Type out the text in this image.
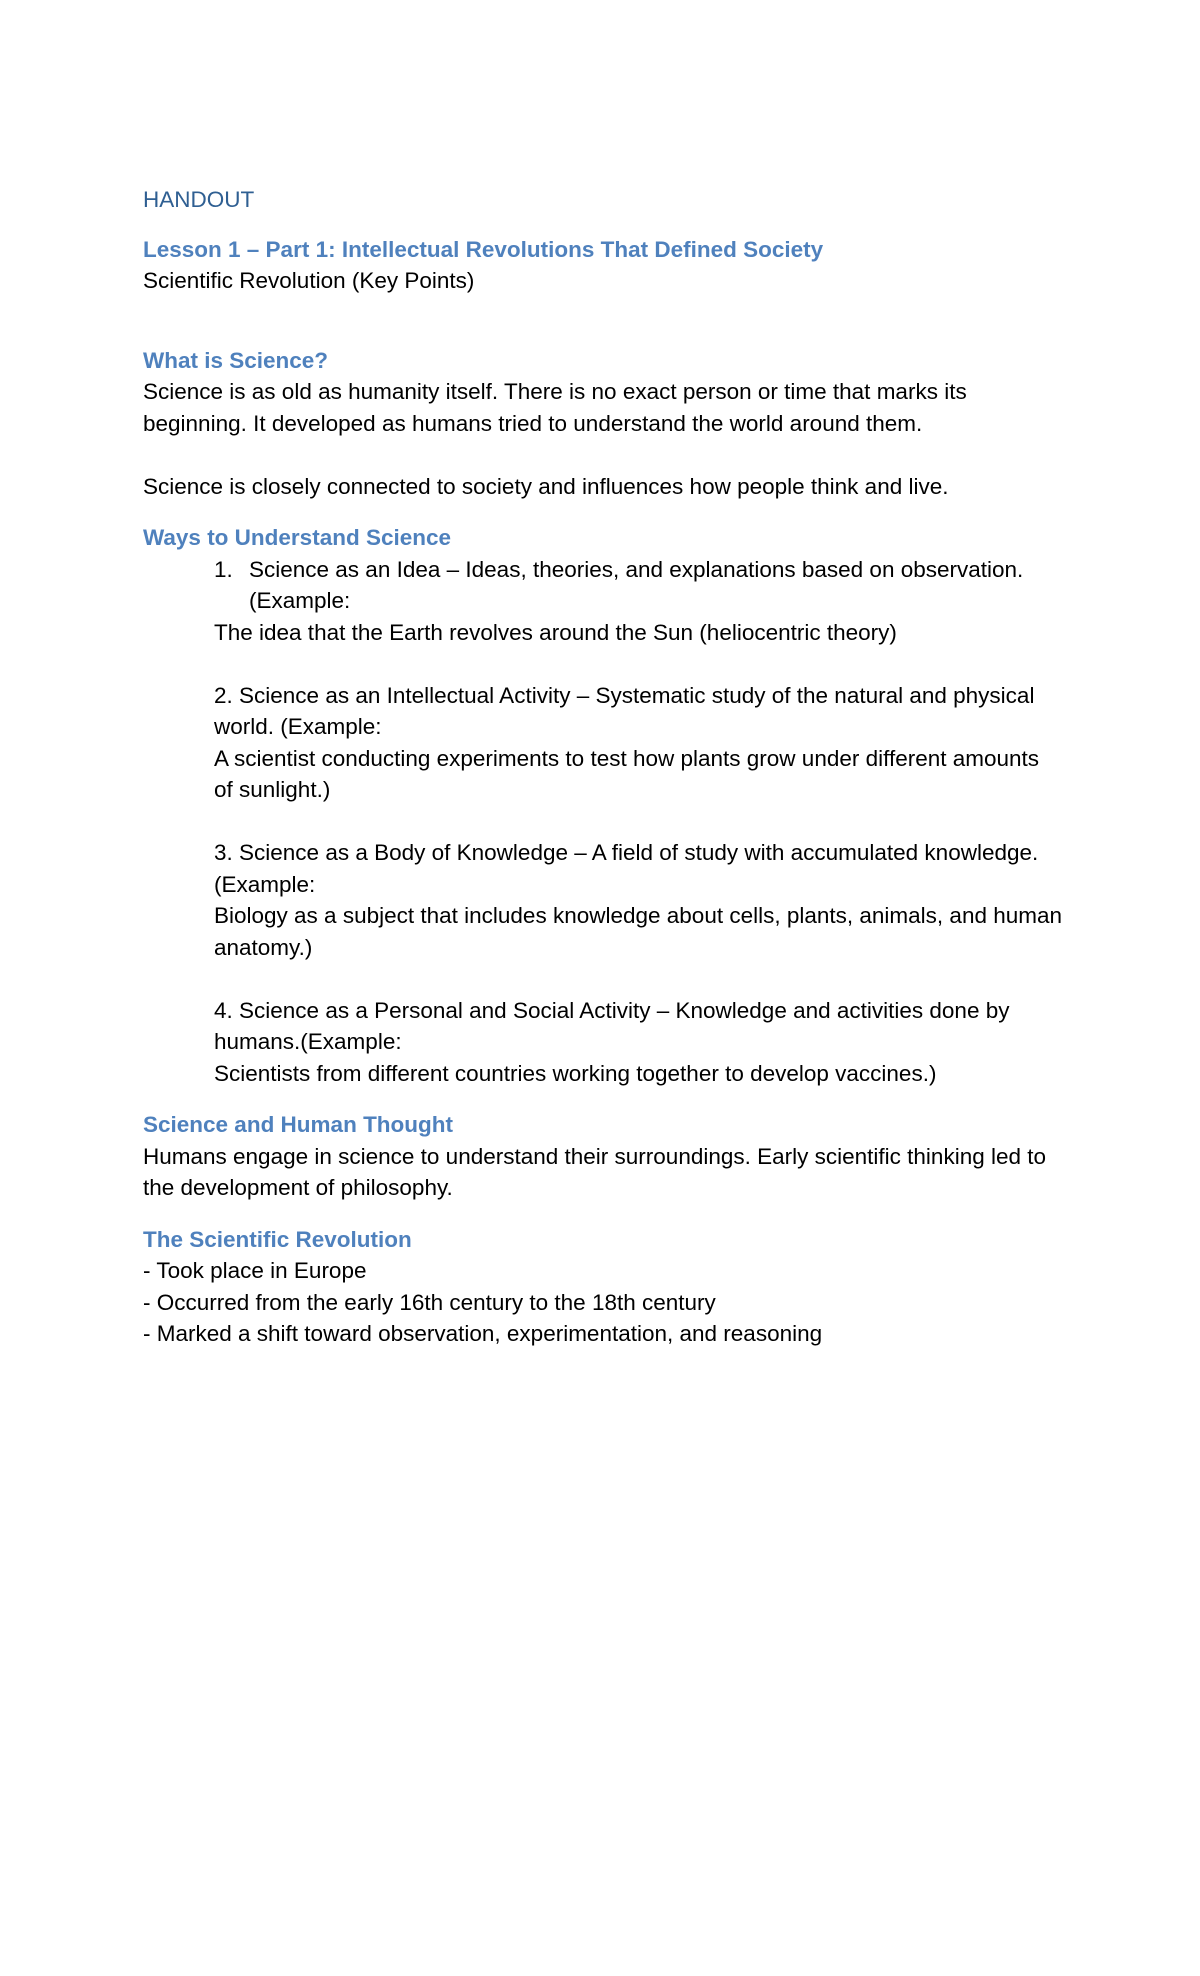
HANDOUT
Lesson 1 – Part 1: Intellectual Revolutions That Defined Society

Scientific Revolution (Key Points)

What is Science?

Science is as old as humanity itself. There is no exact person or time that marks its beginning. It developed as humans tried to understand the world around them.

Science is closely connected to society and influences how people think and live.

Ways to Understand Science
1. Science as an Idea – Ideas, theories, and explanations based on observation. (Example:

The idea that the Earth revolves around the Sun (heliocentric theory)

2. Science as an Intellectual Activity – Systematic study of the natural and physical world. (Example:

A scientist conducting experiments to test how plants grow under different amounts of sunlight.)

3. Science as a Body of Knowledge – A field of study with accumulated knowledge.(Example:

Biology as a subject that includes knowledge about cells, plants, animals, and human anatomy.)

4. Science as a Personal and Social Activity – Knowledge and activities done by humans.(Example:

Scientists from different countries working together to develop vaccines.)

Science and Human Thought

Humans engage in science to understand their surroundings. Early scientific thinking led to the development of philosophy.

The Scientific Revolution

- Took place in Europe

- Occurred from the early 16th century to the 18th century

- Marked a shift toward observation, experimentation, and reasoning
